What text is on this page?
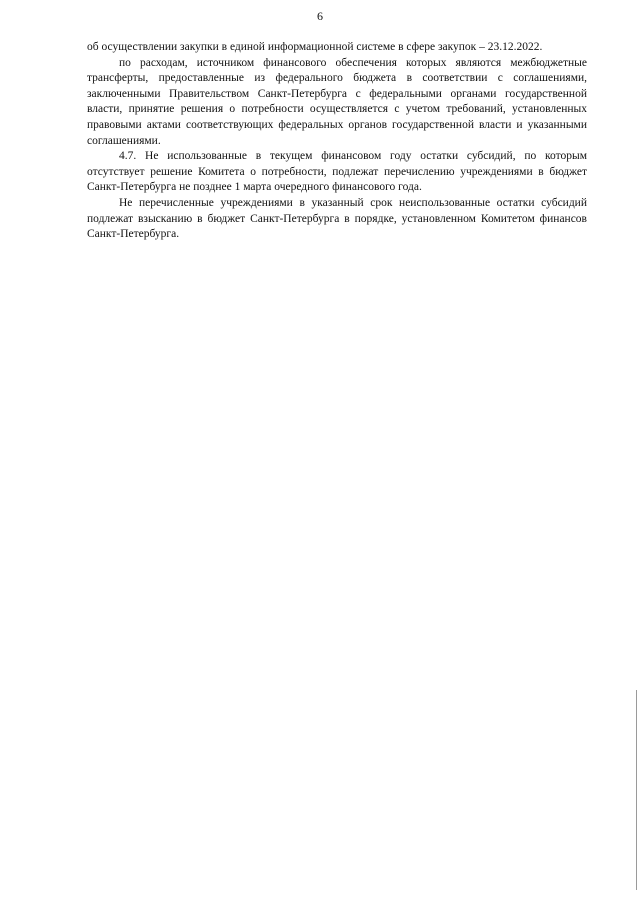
6

об осуществлении закупки в единой информационной системе в сфере закупок – 23.12.2022.

по расходам, источником финансового обеспечения которых являются межбюджетные трансферты, предоставленные из федерального бюджета в соответствии с соглашениями, заключенными Правительством Санкт-Петербурга с федеральными органами государственной власти, принятие решения о потребности осуществляется с учетом требований, установленных правовыми актами соответствующих федеральных органов государственной власти и указанными соглашениями.

4.7. Не использованные в текущем финансовом году остатки субсидий, по которым отсутствует решение Комитета о потребности, подлежат перечислению учреждениями в бюджет Санкт-Петербурга не позднее 1 марта очередного финансового года.

Не перечисленные учреждениями в указанный срок неиспользованные остатки субсидий подлежат взысканию в бюджет Санкт-Петербурга в порядке, установленном Комитетом финансов Санкт-Петербурга.
